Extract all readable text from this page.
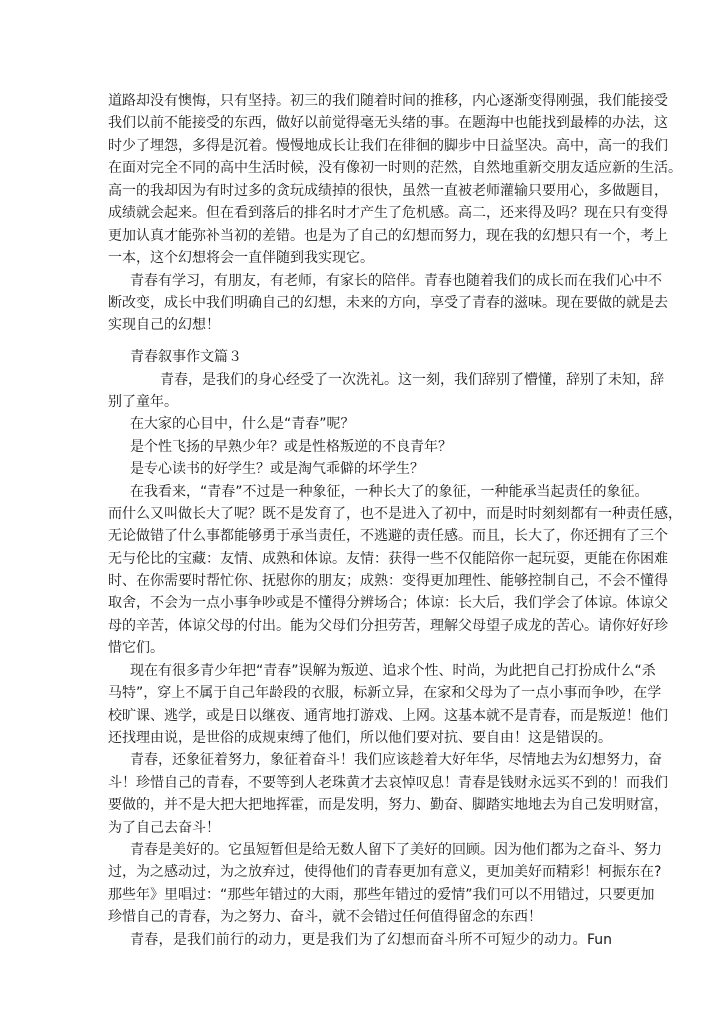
青春叙事作文篇３
道路却没有懊悔，只有坚持。初三的我们随着时间的推移，内心逐渐变得刚强，我们能接受
我们以前不能接受的东西，做好以前觉得毫无头绪的事。在题海中也能找到最棒的办法，这
时少了埋怨，多得是沉着。慢慢地成长让我们在徘徊的脚步中日益坚决。高中，高一的我们
在面对完全不同的高中生活时候，没有像初一时则的茫然，自然地重新交朋友适应新的生活。
高一的我却因为有时过多的贪玩成绩掉的很快，虽然一直被老师灌输只要用心，多做题目，
成绩就会起来。但在看到落后的排名时才产生了危机感。高二，还来得及吗？现在只有变得
更加认真才能弥补当初的差错。也是为了自己的幻想而努力，现在我的幻想只有一个，考上
一本，这个幻想将会一直伴随到我实现它。
青春有学习，有朋友，有老师，有家长的陪伴。青春也随着我们的成长而在我们心中不
断改变，成长中我们明确自己的幻想，未来的方向，享受了青春的滋味。现在要做的就是去
实现自己的幻想！
青春，是我们的身心经受了一次洗礼。这一刻，我们辞别了懵懂，辞别了未知，辞
别了童年。
在大家的心目中，什么是“青春”呢？
是个性飞扬的早熟少年？或是性格叛逆的不良青年？
是专心读书的好学生？或是淘气乖僻的坏学生？
在我看来，“青春”不过是一种象征，一种长大了的象征，一种能承当起责任的象征。
而什么又叫做长大了呢？既不是发育了，也不是进入了初中，而是时时刻刻都有一种责任感，
无论做错了什么事都能够勇于承当责任，不逃避的责任感。而且，长大了，你还拥有了三个
无与伦比的宝藏：友情、成熟和体谅。友情：获得一些不仅能陪你一起玩耍，更能在你困难
时、在你需要时帮忙你、抚慰你的朋友；成熟：变得更加理性、能够控制自己，不会不懂得
取舍，不会为一点小事争吵或是不懂得分辨场合；体谅：长大后，我们学会了体谅。体谅父
母的辛苦，体谅父母的付出。能为父母们分担劳苦，理解父母望子成龙的苦心。请你好好珍
惜它们。
现在有很多青少年把“青春”误解为叛逆、追求个性、时尚，为此把自己打扮成什么“杀
马特”，穿上不属于自己年龄段的衣服，标新立异，在家和父母为了一点小事而争吵，在学
校旷课、逃学，或是日以继夜、通宵地打游戏、上网。这基本就不是青春，而是叛逆！他们
还找理由说，是世俗的成规束缚了他们，所以他们要对抗、要自由！这是错误的。
青春，还象征着努力，象征着奋斗！我们应该趁着大好年华，尽情地去为幻想努力，奋
斗！珍惜自己的青春，不要等到人老珠黄才去哀悼叹息！青春是钱财永远买不到的！而我们
要做的，并不是大把大把地挥霍，而是发明，努力、勤奋、脚踏实地地去为自己发明财富，
为了自己去奋斗！
青春是美好的。它虽短暂但是给无数人留下了美好的回顾。因为他们都为之奋斗、努力
过，为之感动过，为之放弃过，使得他们的青春更加有意义，更加美好而精彩！柯振东在?
那些年》里唱过：“那些年错过的大雨，那些年错过的爱情”我们可以不用错过，只要更加
珍惜自己的青春，为之努力、奋斗，就不会错过任何值得留念的东西！
青春，是我们前行的动力，更是我们为了幻想而奋斗所不可短少的动力。Fun
